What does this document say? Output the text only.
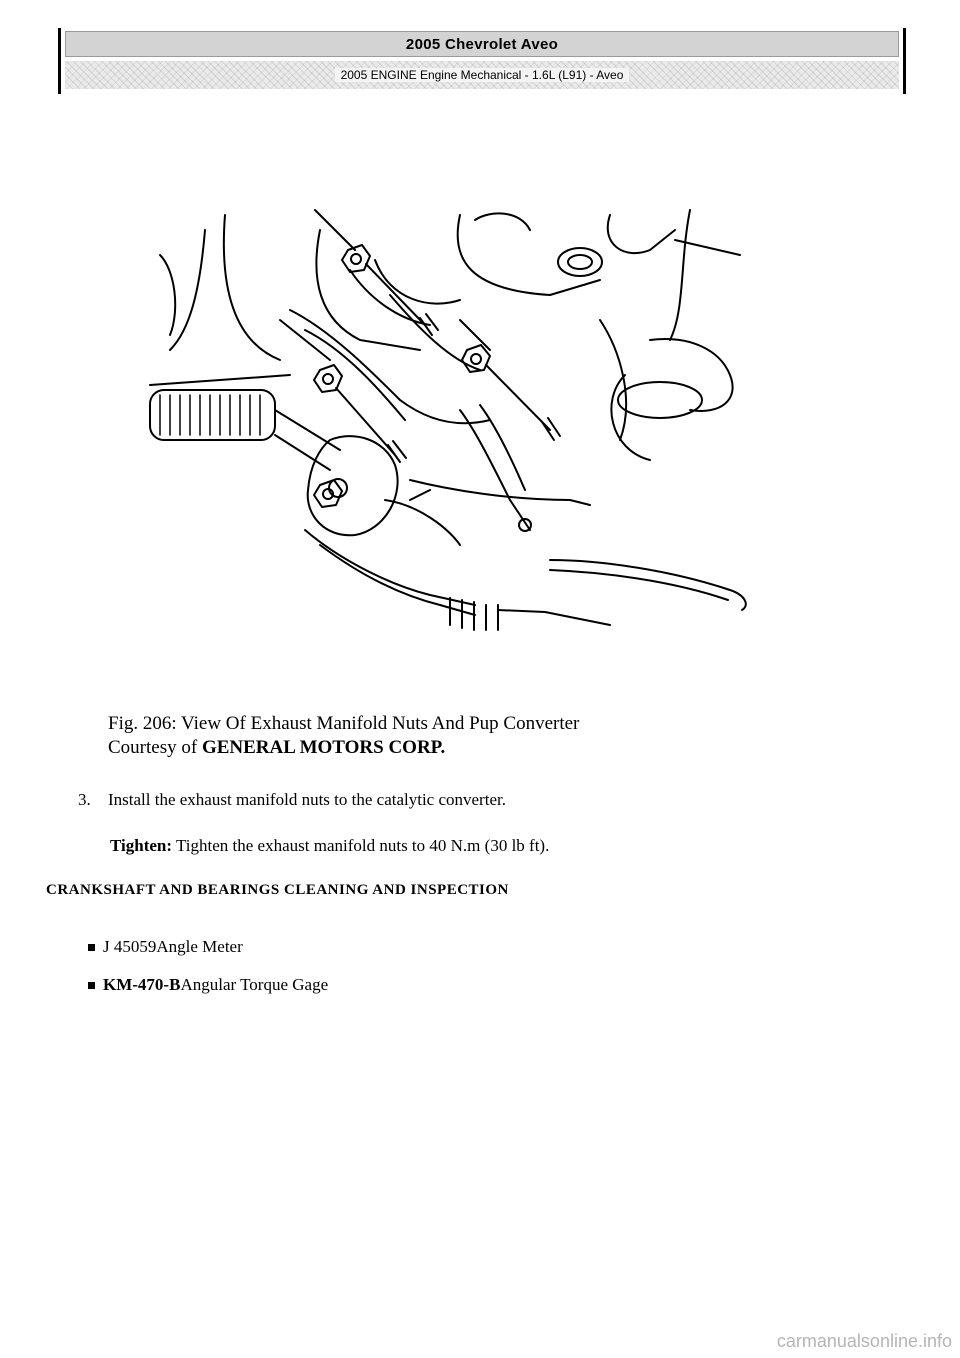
2005 Chevrolet Aveo
2005 ENGINE Engine Mechanical - 1.6L (L91) - Aveo
Fig. 206: View Of Exhaust Manifold Nuts And Pup Converter
Courtesy of GENERAL MOTORS CORP.
3.	Install the exhaust manifold nuts to the catalytic converter.
Tighten: Tighten the exhaust manifold nuts to 40 N.m (30 lb ft).
CRANKSHAFT AND BEARINGS CLEANING AND INSPECTION
J 45059 Angle Meter
KM-470-B Angular Torque Gage
carmanualsonline.info
